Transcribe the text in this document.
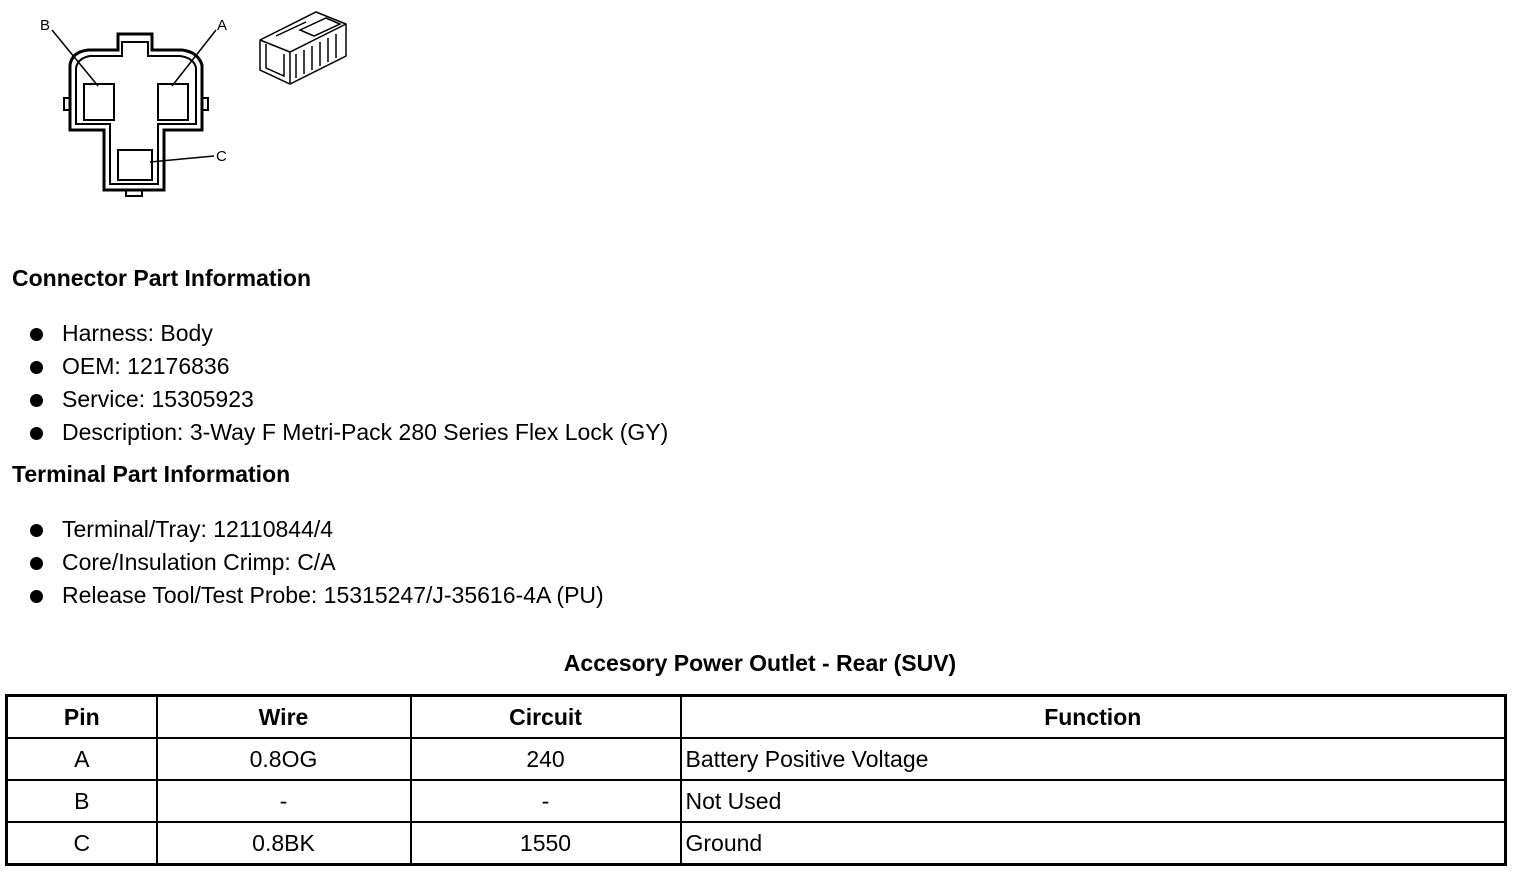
B	A
C
Connector Part Information
Harness: Body
OEM: 12176836
Service: 15305923
Description: 3-Way F Metri-Pack 280 Series Flex Lock (GY)
Terminal Part Information
Terminal/Tray: 12110844/4
Core/Insulation Crimp: C/A
Release Tool/Test Probe: 15315247/J-35616-4A (PU)
Accesory Power Outlet - Rear (SUV)
Pin	Wire	Circuit	Function
A	0.8OG	240	Battery Positive Voltage
B	-	-	Not Used
C	0.8BK	1550	Ground
